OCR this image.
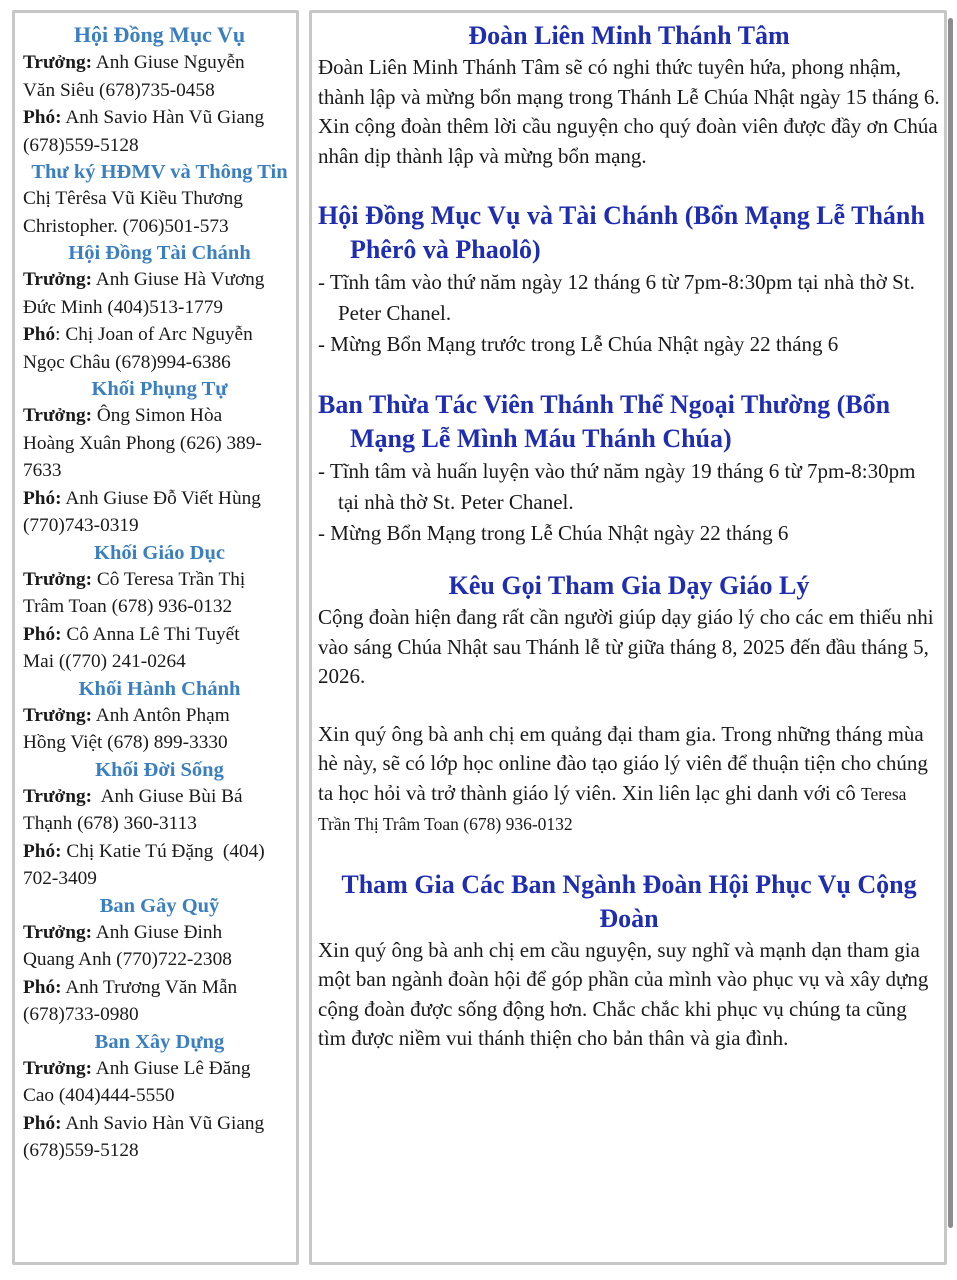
Hội Đồng Mục Vụ

Trưởng: Anh Giuse Nguyễn

Văn Siêu (678)735-0458

Phó: Anh Savio Hàn Vũ Giang

(678)559-5128

Thư ký HĐMV và Thông Tin

Chị Têrêsa Vũ Kiều Thương

Christopher. (706)501-573

Hội Đồng Tài Chánh

Trưởng: Anh Giuse Hà Vương

Đức Minh (404)513-1779

Phó: Chị Joan of Arc Nguyễn

Ngọc Châu (678)994-6386

Khối Phụng Tự

Trưởng: Ông Simon Hòa

Hoàng Xuân Phong (626) 389-

7633

Phó: Anh Giuse Đỗ Viết Hùng

(770)743-0319

Khối Giáo Dục

Trưởng: Cô Teresa Trần Thị

Trâm Toan (678) 936-0132

Phó: Cô Anna Lê Thi Tuyết

Mai ((770) 241-0264

Khối Hành Chánh

Trưởng: Anh Antôn Phạm

Hồng Việt (678) 899-3330

Khối Đời Sống

Trưởng:  Anh Giuse Bùi Bá

Thạnh (678) 360-3113

Phó: Chị Katie Tú Đặng  (404)

702-3409

Ban Gây Quỹ

Trưởng: Anh Giuse Đinh

Quang Anh (770)722-2308

Phó: Anh Trương Văn Mẫn

(678)733-0980

Ban Xây Dựng

Trưởng: Anh Giuse Lê Đăng

Cao (404)444-5550

Phó: Anh Savio Hàn Vũ Giang

(678)559-5128

Đoàn Liên Minh Thánh Tâm

Đoàn Liên Minh Thánh Tâm sẽ có nghi thức tuyên hứa, phong nhậm, thành lập và mừng bổn mạng trong Thánh Lễ Chúa Nhật ngày 15 tháng 6.

Xin cộng đoàn thêm lời cầu nguyện cho quý đoàn viên được đầy ơn Chúa nhân dịp thành lập và mừng bổn mạng.

Hội Đồng Mục Vụ và Tài Chánh (Bổn Mạng Lễ Thánh Phêrô và Phaolô)

- Tĩnh tâm vào thứ năm ngày 12 tháng 6 từ 7pm-8:30pm tại nhà thờ St. Peter Chanel.

- Mừng Bổn Mạng trước trong Lễ Chúa Nhật ngày 22 tháng 6

Ban Thừa Tác Viên Thánh Thể Ngoại Thường (Bổn Mạng Lễ Mình Máu Thánh Chúa)

- Tĩnh tâm và huấn luyện vào thứ năm ngày 19 tháng 6 từ 7pm-8:30pm tại nhà thờ St. Peter Chanel.

- Mừng Bổn Mạng trong Lễ Chúa Nhật ngày 22 tháng 6

Kêu Gọi Tham Gia Dạy Giáo Lý

Cộng đoàn hiện đang rất cần người giúp dạy giáo lý cho các em thiếu nhi vào sáng Chúa Nhật sau Thánh lễ từ giữa tháng 8, 2025 đến đầu tháng 5, 2026.

Xin quý ông bà anh chị em quảng đại tham gia. Trong những tháng mùa hè này, sẽ có lớp học online đào tạo giáo lý viên để thuận tiện cho chúng ta học hỏi và trở thành giáo lý viên. Xin liên lạc ghi danh với cô Teresa Trần Thị Trâm Toan (678) 936-0132

Tham Gia Các Ban Ngành Đoàn Hội Phục Vụ Cộng Đoàn

Xin quý ông bà anh chị em cầu nguyện, suy nghĩ và mạnh dạn tham gia một ban ngành đoàn hội để góp phần của mình vào phục vụ và xây dựng cộng đoàn được sống động hơn. Chắc chắc khi phục vụ chúng ta cũng tìm được niềm vui thánh thiện cho bản thân và gia đình.
